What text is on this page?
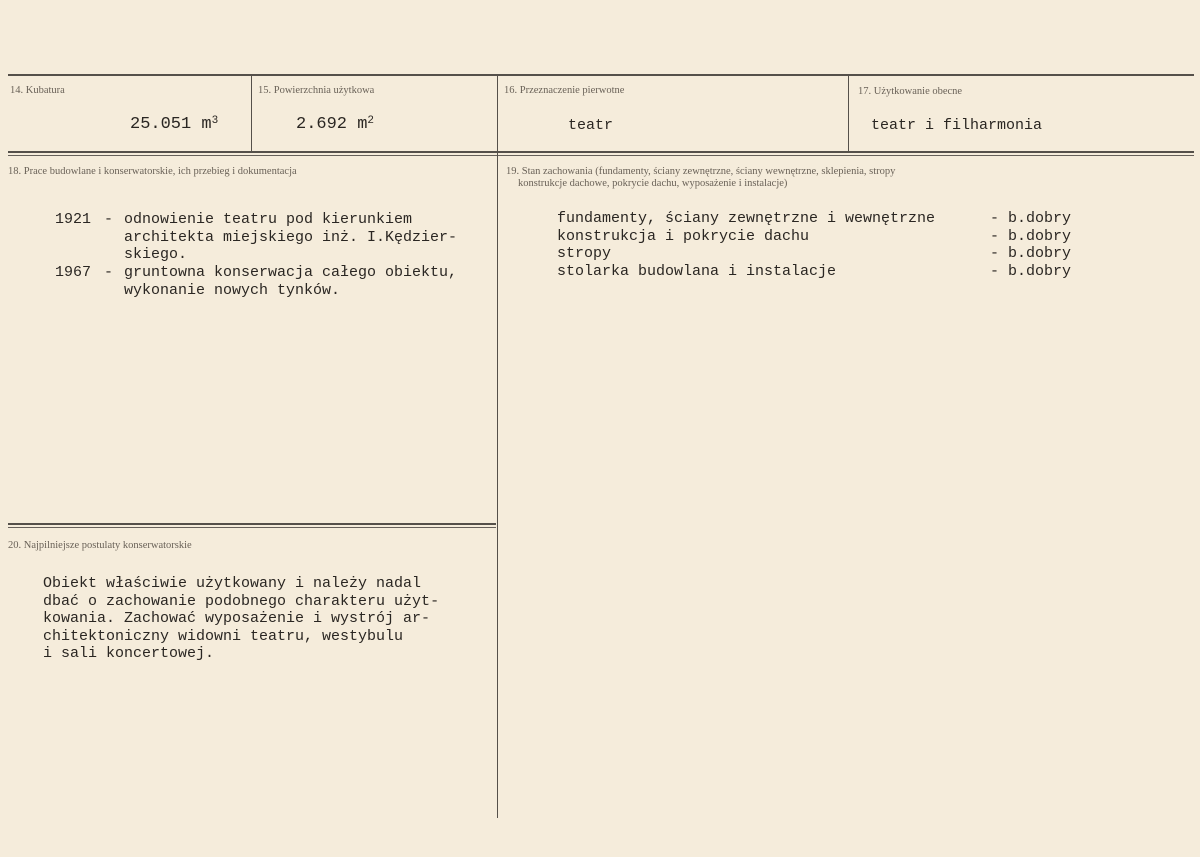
14. Kubatura
25.051 $m^3$
15. Powierzchnia użytkowa
2.692 $m^2$
16. Przeznaczenie pierwotne
teatr
17. Użytkowanie obecne
teatr i filharmonia
18. Prace budowlane i konserwatorskie, ich przebieg i dokumentacja
1921 - odnowienie teatru pod kierunkiem
architekta miejskiego inż. I.Kędzier-
skiego.
1967 - gruntowna konserwacja całego obiektu,
wykonanie nowych tynków.
19. Stan zachowania (fundamenty, ściany zewnętrzne, ściany wewnętrzne, sklepienia, stropy
konstrukcje dachowe, pokrycie dachu, wyposażenie i instalacje)
fundamenty, ściany zewnętrzne i wewnętrzne	- b.dobry
konstrukcja i pokrycie dachu	- b.dobry
stropy	- b.dobry
stolarka budowlana i instalacje	- b.dobry
20. Najpilniejsze postulaty konserwatorskie
Obiekt właściwie użytkowany i należy nadal
dbać o zachowanie podobnego charakteru użyt-
kowania. Zachować wyposażenie i wystrój ar-
chitektoniczny widowni teatru, westybulu
i sali koncertowej.
